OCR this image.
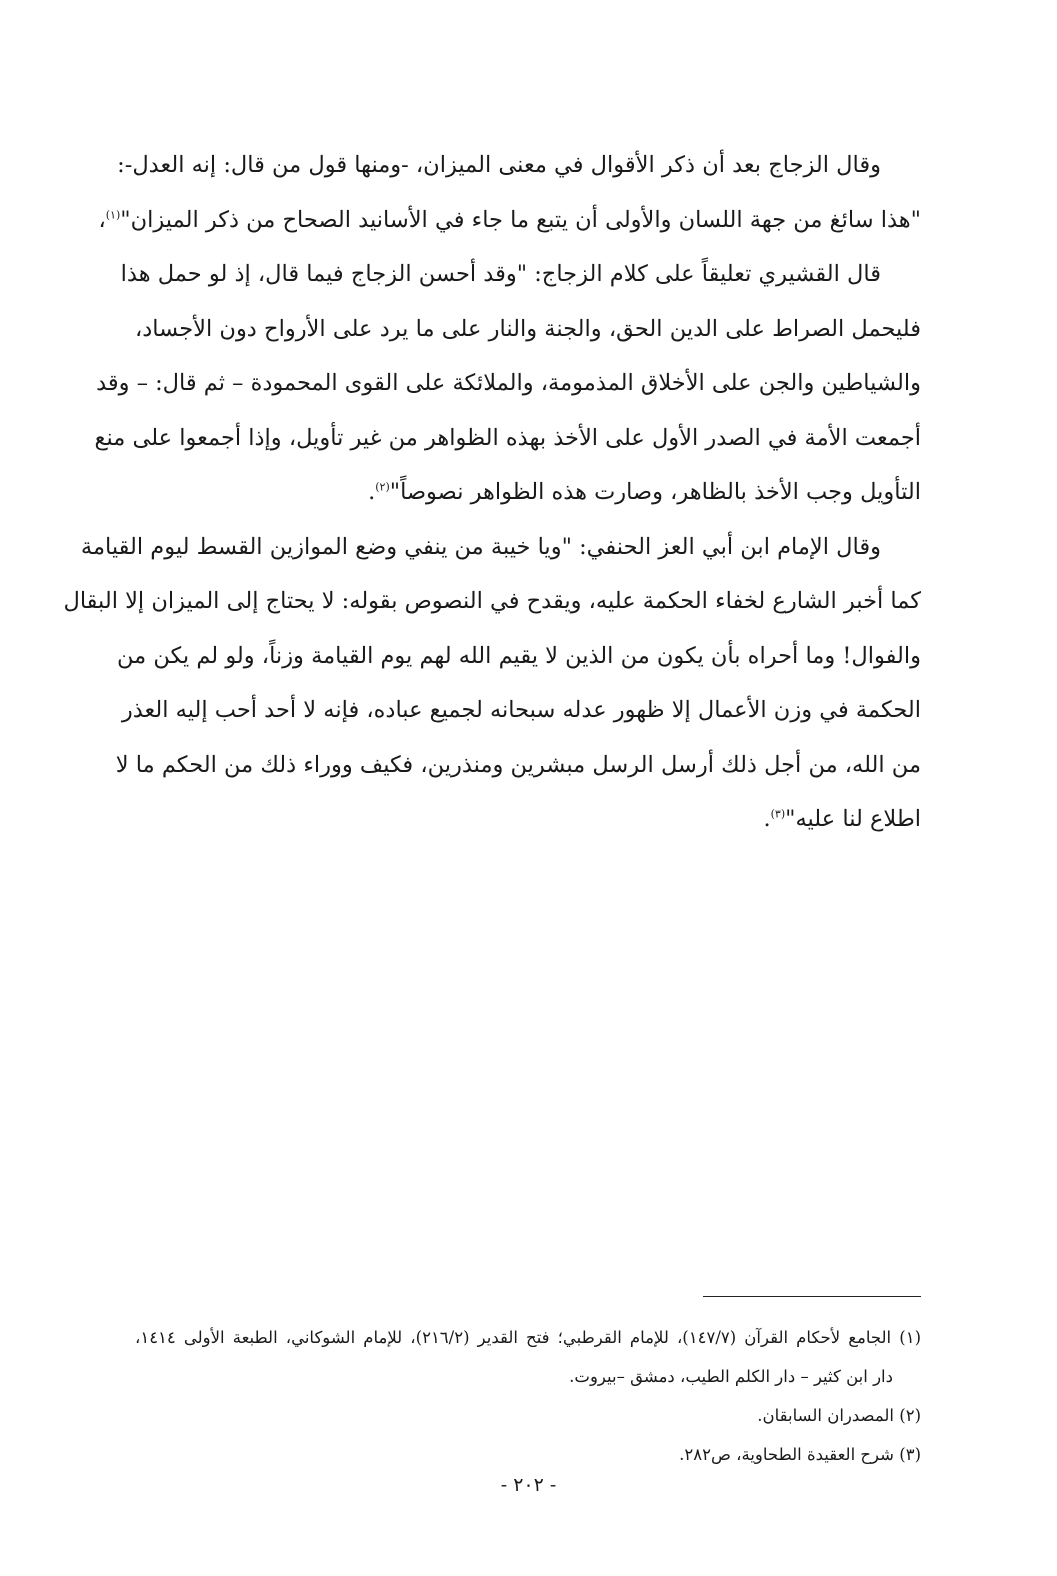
وقال الزجاج بعد أن ذكر الأقوال في معنى الميزان، -ومنها قول من قال: إنه العدل-:
"هذا سائغ من جهة اللسان والأولى أن يتبع ما جاء في الأسانيد الصحاح من ذكر الميزان"$^{(١)}$،
قال القشيري تعليقاً على كلام الزجاج: "وقد أحسن الزجاج فيما قال، إذ لو حمل هذا
فليحمل الصراط على الدين الحق، والجنة والنار على ما يرد على الأرواح دون الأجساد،
والشياطين والجن على الأخلاق المذمومة، والملائكة على القوى المحمودة – ثم قال: – وقد
أجمعت الأمة في الصدر الأول على الأخذ بهذه الظواهر من غير تأويل، وإذا أجمعوا على منع
التأويل وجب الأخذ بالظاهر، وصارت هذه الظواهر نصوصاً"$^{(٢)}$.
وقال الإمام ابن أبي العز الحنفي: "ويا خيبة من ينفي وضع الموازين القسط ليوم القيامة
كما أخبر الشارع لخفاء الحكمة عليه، ويقدح في النصوص بقوله: لا يحتاج إلى الميزان إلا البقال
والفوال! وما أحراه بأن يكون من الذين لا يقيم الله لهم يوم القيامة وزناً، ولو لم يكن من
الحكمة في وزن الأعمال إلا ظهور عدله سبحانه لجميع عباده، فإنه لا أحد أحب إليه العذر
من الله، من أجل ذلك أرسل الرسل مبشرين ومنذرين، فكيف ووراء ذلك من الحكم ما لا
اطلاع لنا عليه"$^{(٣)}$.
(١) الجامع لأحكام القرآن (١٤٧/٧)، للإمام القرطبي؛ فتح القدير (٢١٦/٢)، للإمام الشوكاني، الطبعة الأولى ١٤١٤،
دار ابن كثير – دار الكلم الطيب، دمشق –بيروت.
(٢) المصدران السابقان.
(٣) شرح العقيدة الطحاوية، ص٢٨٢.
- ٢٠٢ -
